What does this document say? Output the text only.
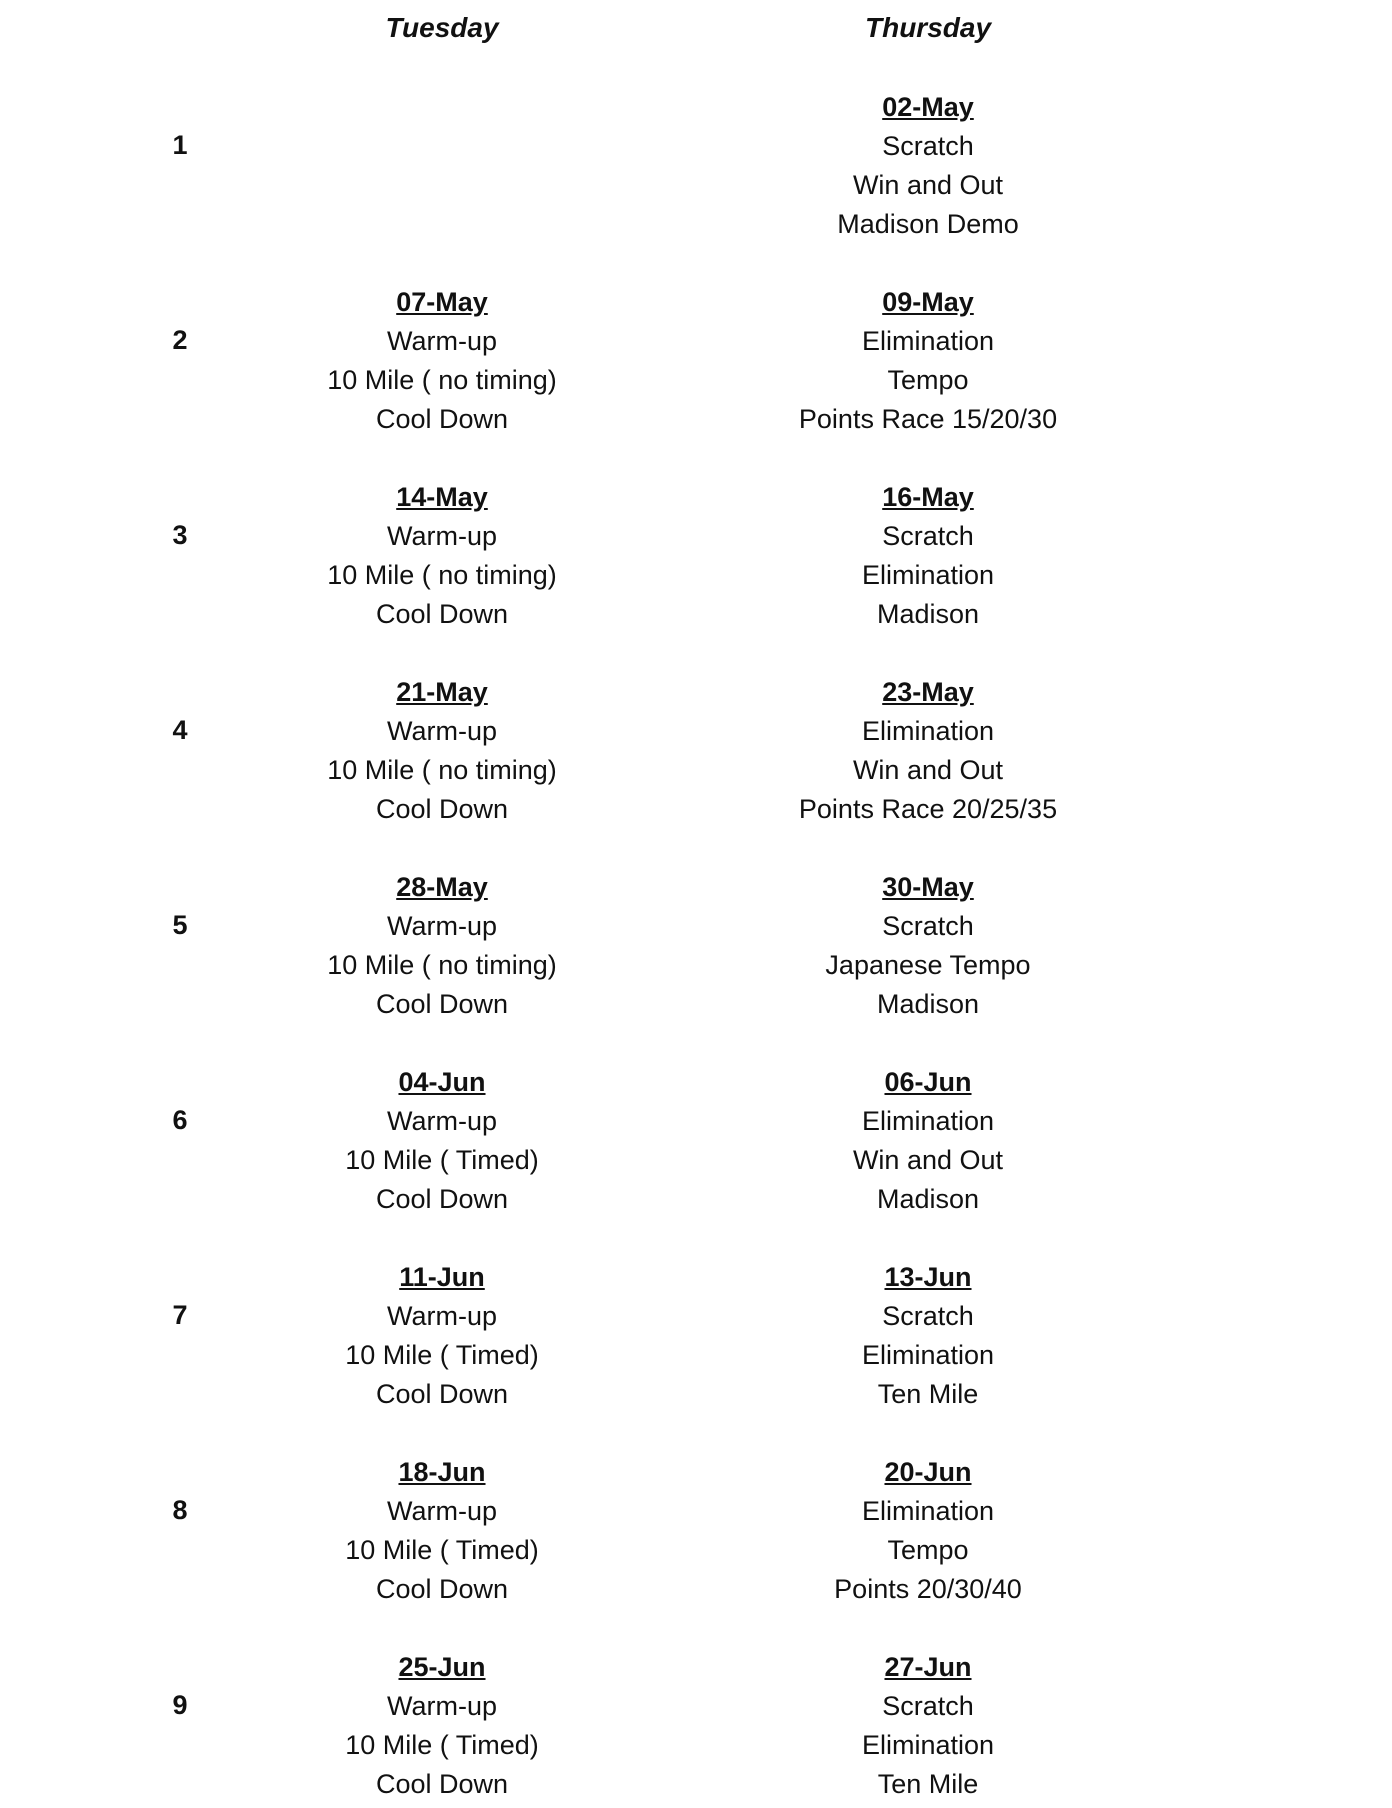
Tuesday	Thursday
1
02-May
Scratch
Win and Out
Madison Demo
2
07-May
Warm-up
10 Mile ( no timing)
Cool Down
09-May
Elimination
Tempo
Points Race 15/20/30
3
14-May
Warm-up
10 Mile ( no timing)
Cool Down
16-May
Scratch
Elimination
Madison
4
21-May
Warm-up
10 Mile ( no timing)
Cool Down
23-May
Elimination
Win and Out
Points Race 20/25/35
5
28-May
Warm-up
10 Mile ( no timing)
Cool Down
30-May
Scratch
Japanese Tempo
Madison
6
04-Jun
Warm-up
10 Mile ( Timed)
Cool Down
06-Jun
Elimination
Win and Out
Madison
7
11-Jun
Warm-up
10 Mile ( Timed)
Cool Down
13-Jun
Scratch
Elimination
Ten Mile
8
18-Jun
Warm-up
10 Mile ( Timed)
Cool Down
20-Jun
Elimination
Tempo
Points 20/30/40
9
25-Jun
Warm-up
10 Mile ( Timed)
Cool Down
27-Jun
Scratch
Elimination
Ten Mile
